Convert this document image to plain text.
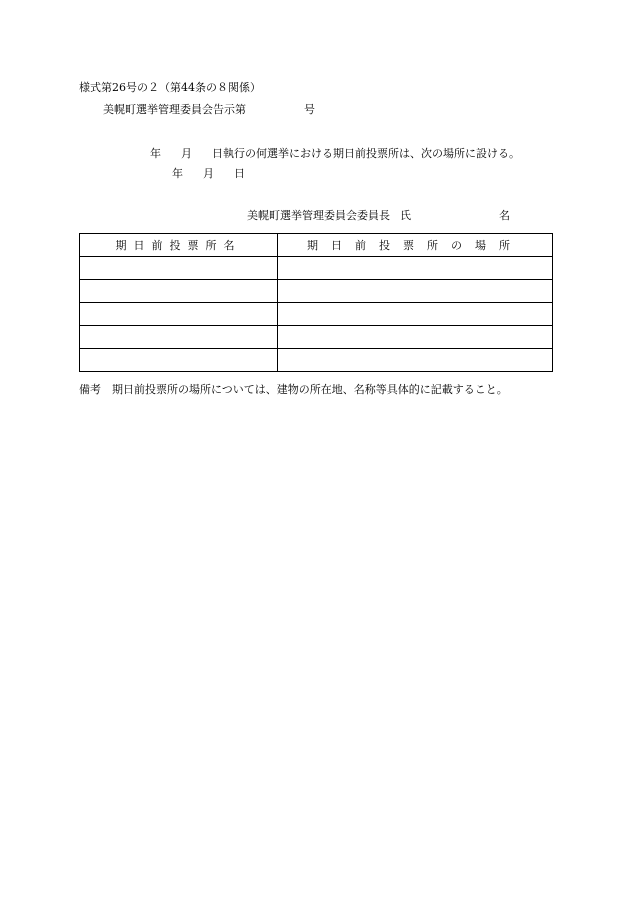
様式第26号の２（第44条の８関係）
美幌町選挙管理委員会告示第	号
年 月 日執行の何選挙における期日前投票所は、次の場所に設ける。
年 月 日
美幌町選挙管理委員会委員長 氏	名
期日前投票所名	期日前投票所の場所

備考　期日前投票所の場所については、建物の所在地、名称等具体的に記載すること。
